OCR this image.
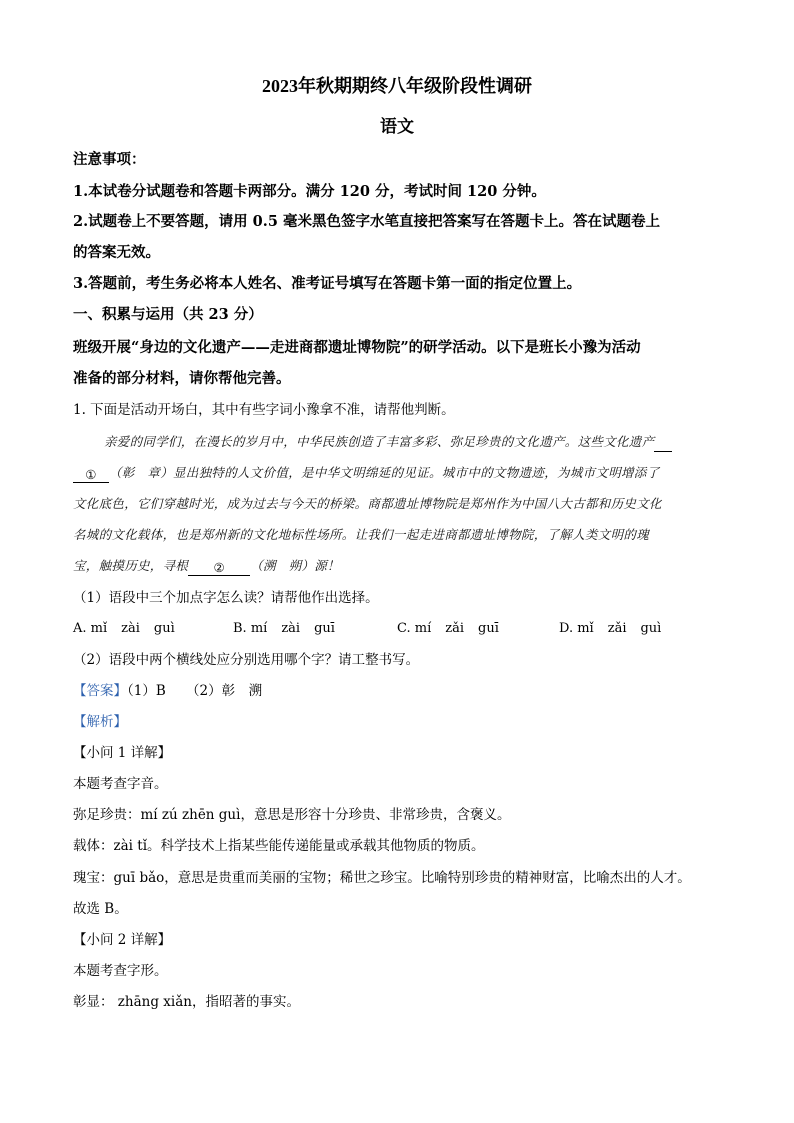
2023年秋期期终八年级阶段性调研
语文
注意事项：
1.本试卷分试题卷和答题卡两部分。满分 120 分，考试时间 120 分钟。
2.试题卷上不要答题，请用 0.5 毫米黑色签字水笔直接把答案写在答题卡上。答在试题卷上
的答案无效。
3.答题前，考生务必将本人姓名、准考证号填写在答题卡第一面的指定位置上。
一、积累与运用（共 23 分）
班级开展“身边的文化遗产——走进商都遗址博物院”的研学活动。以下是班长小豫为活动
准备的部分材料，请你帮他完善。
1. 下面是活动开场白，其中有些字词小豫拿不准，请帮他判断。
亲爱的同学们，在漫长的岁月中，中华民族创造了丰富多彩、弥足珍贵的文化遗产。这些文化遗产
① （彰　章）显出独特的人文价值，是中华文明绵延的见证。城市中的文物遗迹，为城市文明增添了
文化底色，它们穿越时光，成为过去与今天的桥梁。商都遗址博物院是郑州作为中国八大古都和历史文化
名城的文化载体，也是郑州新的文化地标性场所。让我们一起走进商都遗址博物院，了解人类文明的瑰
宝，触摸历史，寻根 ② （溯　朔）源！
（1）语段中三个加点字怎么读？请帮他作出选择。
A. mǐ zài guì	B. mí zài guī	C. mí zǎi guī	D. mǐ zǎi guì
（2）语段中两个横线处应分别选用哪个字？请工整书写。
【答案】（1）B　　（2）彰　溯
【解析】
【小问 1 详解】
本题考查字音。
弥足珍贵：mí zú zhēn guì，意思是形容十分珍贵、非常珍贵，含褒义。
载体：zài tǐ。科学技术上指某些能传递能量或承载其他物质的物质。
瑰宝：guī bǎo，意思是贵重而美丽的宝物；稀世之珍宝。比喻特别珍贵的精神财富，比喻杰出的人才。
故选 B。
【小问 2 详解】
本题考查字形。
彰显： zhāng xiǎn，指昭著的事实。
